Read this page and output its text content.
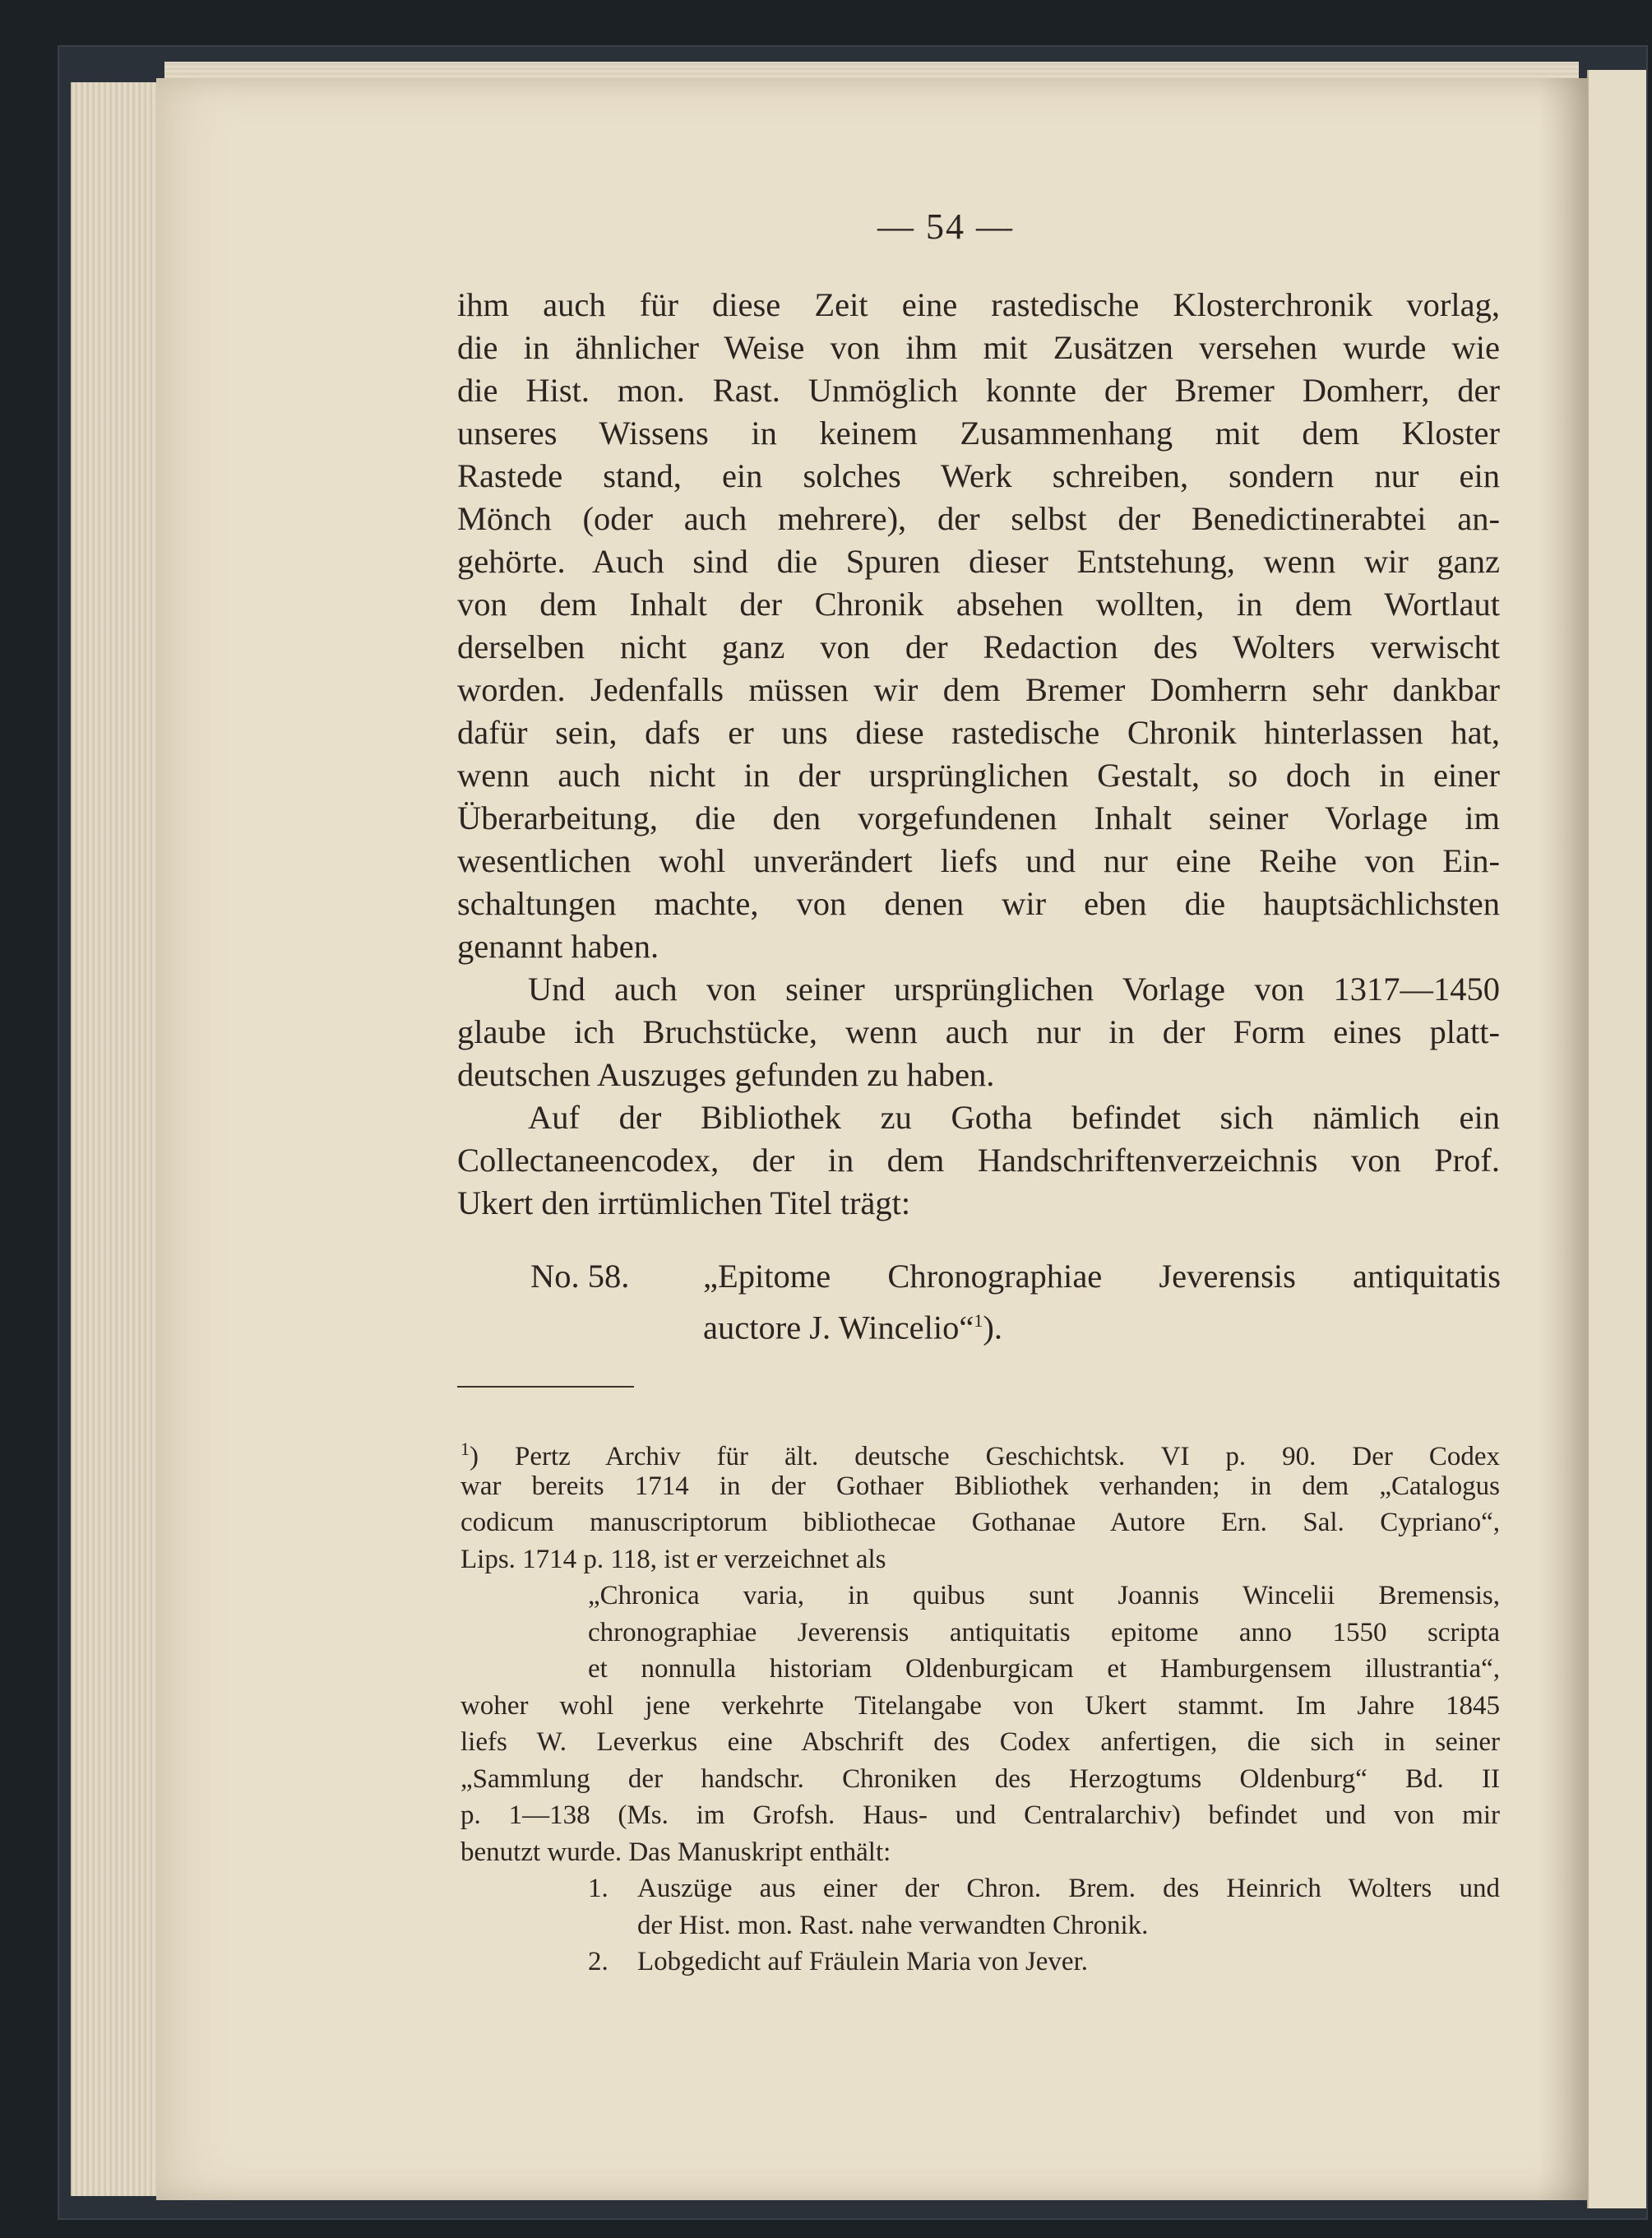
— 54 —
ihm auch für diese Zeit eine rastedische Klosterchronik vorlag,
die in ähnlicher Weise von ihm mit Zusätzen versehen wurde wie
die Hist. mon. Rast. Unmöglich konnte der Bremer Domherr, der
unseres Wissens in keinem Zusammenhang mit dem Kloster
Rastede stand, ein solches Werk schreiben, sondern nur ein
Mönch (oder auch mehrere), der selbst der Benedictinerabtei an-
gehörte. Auch sind die Spuren dieser Entstehung, wenn wir ganz
von dem Inhalt der Chronik absehen wollten, in dem Wortlaut
derselben nicht ganz von der Redaction des Wolters verwischt
worden. Jedenfalls müssen wir dem Bremer Domherrn sehr dankbar
dafür sein, dafs er uns diese rastedische Chronik hinterlassen hat,
wenn auch nicht in der ursprünglichen Gestalt, so doch in einer
Überarbeitung, die den vorgefundenen Inhalt seiner Vorlage im
wesentlichen wohl unverändert liefs und nur eine Reihe von Ein-
schaltungen machte, von denen wir eben die hauptsächlichsten
genannt haben.
Und auch von seiner ursprünglichen Vorlage von 1317—1450
glaube ich Bruchstücke, wenn auch nur in der Form eines platt-
deutschen Auszuges gefunden zu haben.
Auf der Bibliothek zu Gotha befindet sich nämlich ein
Collectaneencodex, der in dem Handschriftenverzeichnis von Prof.
Ukert den irrtümlichen Titel trägt:
No. 58. „Epitome Chronographiae Jeverensis antiquitatis
auctore J. Wincelio“$^1$).
$^1$) Pertz Archiv für ält. deutsche Geschichtsk. VI p. 90. Der Codex
war bereits 1714 in der Gothaer Bibliothek verhanden; in dem „Catalogus
codicum manuscriptorum bibliothecae Gothanae Autore Ern. Sal. Cypriano“,
Lips. 1714 p. 118, ist er verzeichnet als
„Chronica varia, in quibus sunt Joannis Wincelii Bremensis,
chronographiae Jeverensis antiquitatis epitome anno 1550 scripta
et nonnulla historiam Oldenburgicam et Hamburgensem illustrantia“,
woher wohl jene verkehrte Titelangabe von Ukert stammt. Im Jahre 1845
liefs W. Leverkus eine Abschrift des Codex anfertigen, die sich in seiner
„Sammlung der handschr. Chroniken des Herzogtums Oldenburg“ Bd. II
p. 1—138 (Ms. im Grofsh. Haus- und Centralarchiv) befindet und von mir
benutzt wurde. Das Manuskript enthält:
1. Auszüge aus einer der Chron. Brem. des Heinrich Wolters und
der Hist. mon. Rast. nahe verwandten Chronik.
2. Lobgedicht auf Fräulein Maria von Jever.
